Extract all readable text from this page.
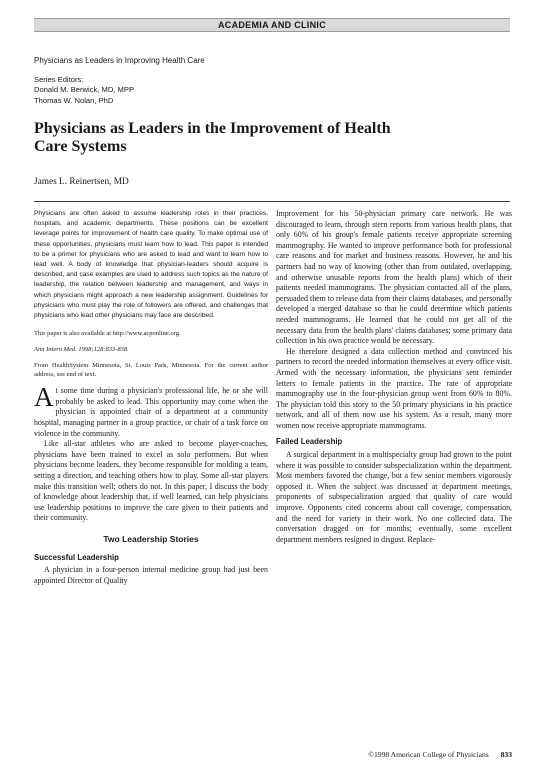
ACADEMIA AND CLINIC
Physicians as Leaders in Improving Health Care
Series Editors:
Donald M. Berwick, MD, MPP
Thomas W. Nolan, PhD
Physicians as Leaders in the Improvement of Health Care Systems
James L. Reinertsen, MD

Physicians are often asked to assume leadership roles in their practices, hospitals, and academic departments. These positions can be excellent leverage points for improvement of health care quality. To make optimal use of these opportunities, physicians must learn how to lead. This paper is intended to be a primer for physicians who are asked to lead and want to learn how to lead well. A body of knowledge that physician-leaders should acquire is described, and case examples are used to address such topics as the nature of leadership, the relation between leadership and management, and ways in which physicians might approach a new leadership assignment. Guidelines for physicians who must play the role of followers are offered, and challenges that physicians who lead other physicians may face are described.

This paper is also available at http://www.acponline.org.

Ann Intern Med. 1998;128:833-838.

From HealthSystem Minnesota, St. Louis Park, Minnesota. For the current author address, see end of text.

At some time during a physician's professional life, he or she will probably be asked to lead. This opportunity may come when the physician is appointed chair of a department at a community hospital, managing partner in a group practice, or chair of a task force on violence in the community.

Like all-star athletes who are asked to become player-coaches, physicians have been trained to excel as solo performers. But when physicians become leaders, they become responsible for molding a team, setting a direction, and teaching others how to play. Some all-star players make this transition well; others do not. In this paper, I discuss the body of knowledge about leadership that, if well learned, can help physicians use leadership positions to improve the care given to their patients and their community.

Two Leadership Stories
Successful Leadership

A physician in a four-person internal medicine group had just been appointed Director of Quality

Improvement for his 50-physician primary care network. He was discouraged to learn, through stern reports from various health plans, that only 60% of his group's female patients receive appropriate screening mammography. He wanted to improve performance both for professional care reasons and for market and business reasons. However, he and his partners had no way of knowing (other than from outdated, overlapping, and otherwise unusable reports from the health plans) which of their patients needed mammograms. The physician contacted all of the plans, persuaded them to release data from their claims databases, and personally developed a merged database so that he could determine which patients needed mammograms. He learned that he could not get all of the necessary data from the health plans' claims databases; some primary data collection in his own practice would be necessary.

He therefore designed a data collection method and convinced his partners to record the needed information themselves at every office visit. Armed with the necessary information, the physicians sent reminder letters to female patients in the practice. The rate of appropriate mammography use in the four-physician group went from 60% to 80%. The physician told this story to the 50 primary physicians in his practice network, and all of them now use his system. As a result, many more women now receive appropriate mammograms.

Failed Leadership

A surgical department in a multispecialty group had grown to the point where it was possible to consider subspecialization within the department. Most members favored the change, but a few senior members vigorously opposed it. When the subject was discussed at department meetings, proponents of subspecialization argued that quality of care would improve. Opponents cited concerns about call coverage, compensation, and the need for variety in their work. No one collected data. The conversation dragged on for months; eventually, some excellent department members resigned in disgust. Replace-

©1998 American College of Physicians 833
